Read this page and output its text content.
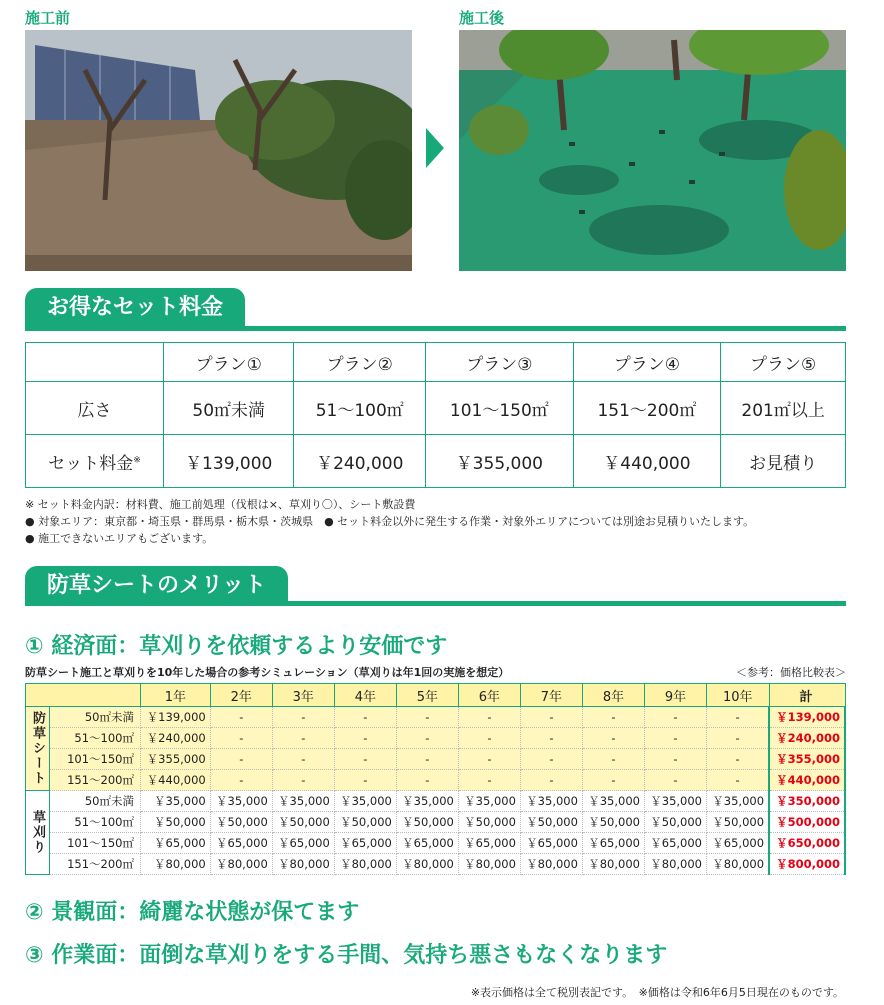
施工前	施工後
お得なセット料金
	プラン①	プラン②	プラン③	プラン④	プラン⑤
広さ	50㎡未満	51～100㎡	101～150㎡	151～200㎡	201㎡以上
セット料金※	￥139,000	￥240,000	￥355,000	￥440,000	お見積り
※ セット料金内訳：材料費、施工前処理（伐根は×、草刈り〇）、シート敷設費
● 対象エリア：東京都・埼玉県・群馬県・栃木県・茨城県　● セット料金以外に発生する作業・対象外エリアについては別途お見積りいたします。
● 施工できないエリアもございます。
防草シートのメリット
① 経済面：草刈りを依頼するより安価です
防草シート施工と草刈りを10年した場合の参考シミュレーション（草刈りは年1回の実施を想定）	＜参考：価格比較表＞
		1年	2年	3年	4年	5年	6年	7年	8年	9年	10年	計
防草シート	50㎡未満	￥139,000	-	-	-	-	-	-	-	-	-	￥139,000
	51～100㎡	￥240,000	-	-	-	-	-	-	-	-	-	￥240,000
	101～150㎡	￥355,000	-	-	-	-	-	-	-	-	-	￥355,000
	151～200㎡	￥440,000	-	-	-	-	-	-	-	-	-	￥440,000
草刈り	50㎡未満	￥35,000	￥35,000	￥35,000	￥35,000	￥35,000	￥35,000	￥35,000	￥35,000	￥35,000	￥35,000	￥350,000
	51～100㎡	￥50,000	￥50,000	￥50,000	￥50,000	￥50,000	￥50,000	￥50,000	￥50,000	￥50,000	￥50,000	￥500,000
	101～150㎡	￥65,000	￥65,000	￥65,000	￥65,000	￥65,000	￥65,000	￥65,000	￥65,000	￥65,000	￥65,000	￥650,000
	151～200㎡	￥80,000	￥80,000	￥80,000	￥80,000	￥80,000	￥80,000	￥80,000	￥80,000	￥80,000	￥80,000	￥800,000
② 景観面：綺麗な状態が保てます
③ 作業面：面倒な草刈りをする手間、気持ち悪さもなくなります
※表示価格は全て税別表記です。　※価格は令和6年6月5日現在のものです。
